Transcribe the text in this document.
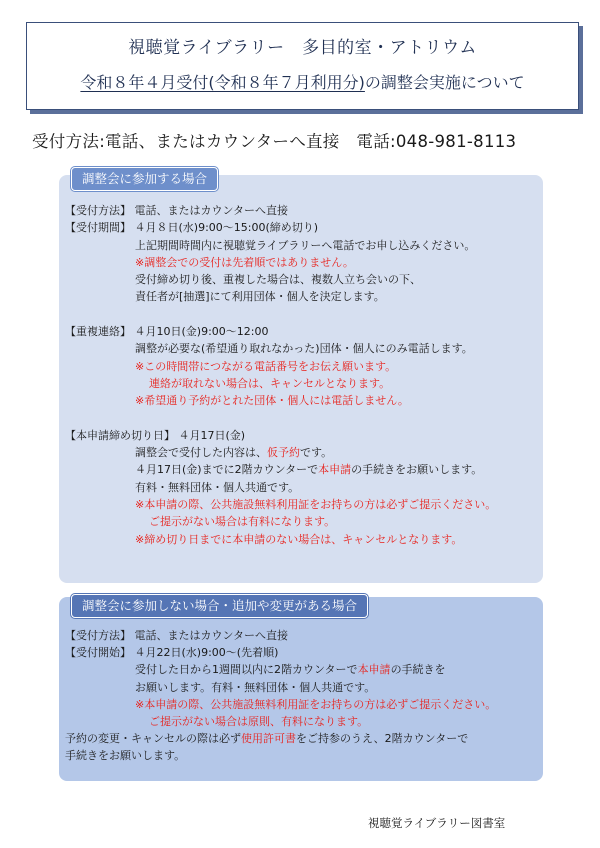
視聴覚ライブラリー　多目的室・アトリウム
令和８年４月受付(令和８年７月利用分)の調整会実施について
受付方法:電話、またはカウンターへ直接　電話:048-981-8113
調整会に参加する場合
【受付方法】 電話、またはカウンターへ直接
【受付期間】 ４月８日(水)9:00～15:00(締め切り)
上記期間時間内に視聴覚ライブラリーへ電話でお申し込みください。
※調整会での受付は先着順ではありません。
受付締め切り後、重複した場合は、複数人立ち会いの下、
責任者が[抽選]にて利用団体・個人を決定します。
【重複連絡】 ４月10日(金)9:00～12:00
調整が必要な(希望通り取れなかった)団体・個人にのみ電話します。
※この時間帯につながる電話番号をお伝え願います。
連絡が取れない場合は、キャンセルとなります。
※希望通り予約がとれた団体・個人には電話しません。
【本申請締め切り日】 ４月17日(金)
調整会で受付した内容は、仮予約です。
４月17日(金)までに2階カウンターで本申請の手続きをお願いします。
有料・無料団体・個人共通です。
※本申請の際、公共施設無料利用証をお持ちの方は必ずご提示ください。
ご提示がない場合は有料になります。
※締め切り日までに本申請のない場合は、キャンセルとなります。
調整会に参加しない場合・追加や変更がある場合
【受付方法】 電話、またはカウンターへ直接
【受付開始】 ４月22日(水)9:00～(先着順)
受付した日から1週間以内に2階カウンターで本申請の手続きを
お願いします。有料・無料団体・個人共通です。
※本申請の際、公共施設無料利用証をお持ちの方は必ずご提示ください。
ご提示がない場合は原則、有料になります。
予約の変更・キャンセルの際は必ず使用許可書をご持参のうえ、2階カウンターで
手続きをお願いします。
視聴覚ライブラリー図書室
